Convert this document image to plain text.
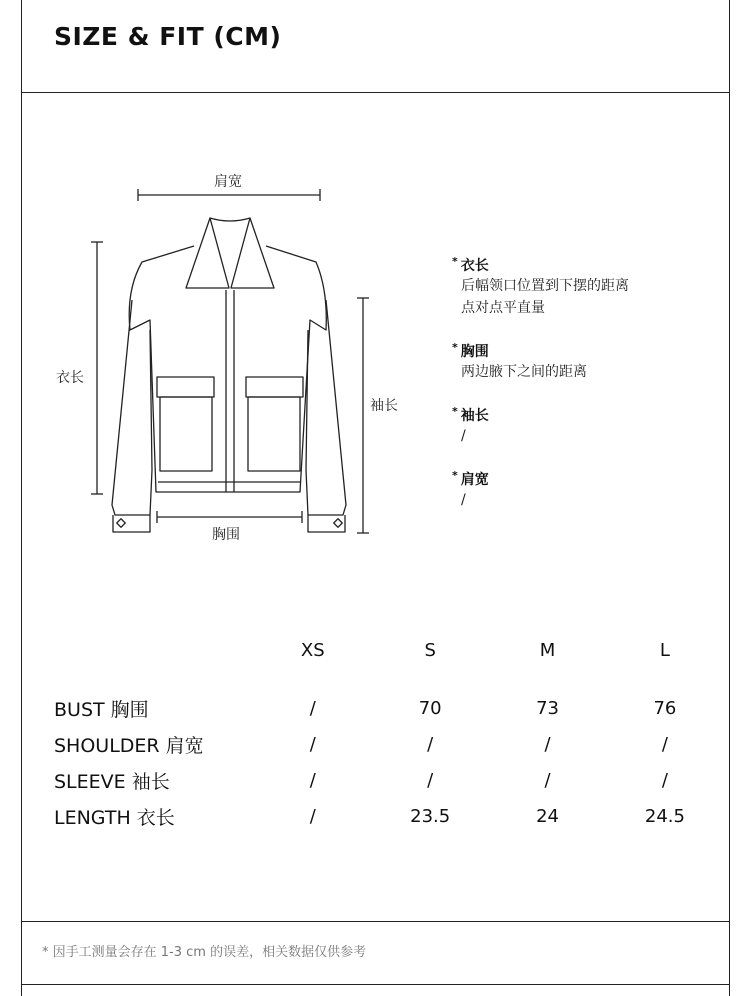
SIZE & FIT (CM)
肩宽
衣长
袖长
胸围
* 衣长
后幅领口位置到下摆的距离
点对点平直量
* 胸围
两边腋下之间的距离
* 袖长
/
* 肩宽
/
	XS	S	M	L

BUST 胸围	/	70	73	76
SHOULDER 肩宽	/	/	/	/
SLEEVE 袖长	/	/	/	/
LENGTH 衣长	/	23.5	24	24.5
* 因手工测量会存在 1-3 cm 的误差，相关数据仅供参考
